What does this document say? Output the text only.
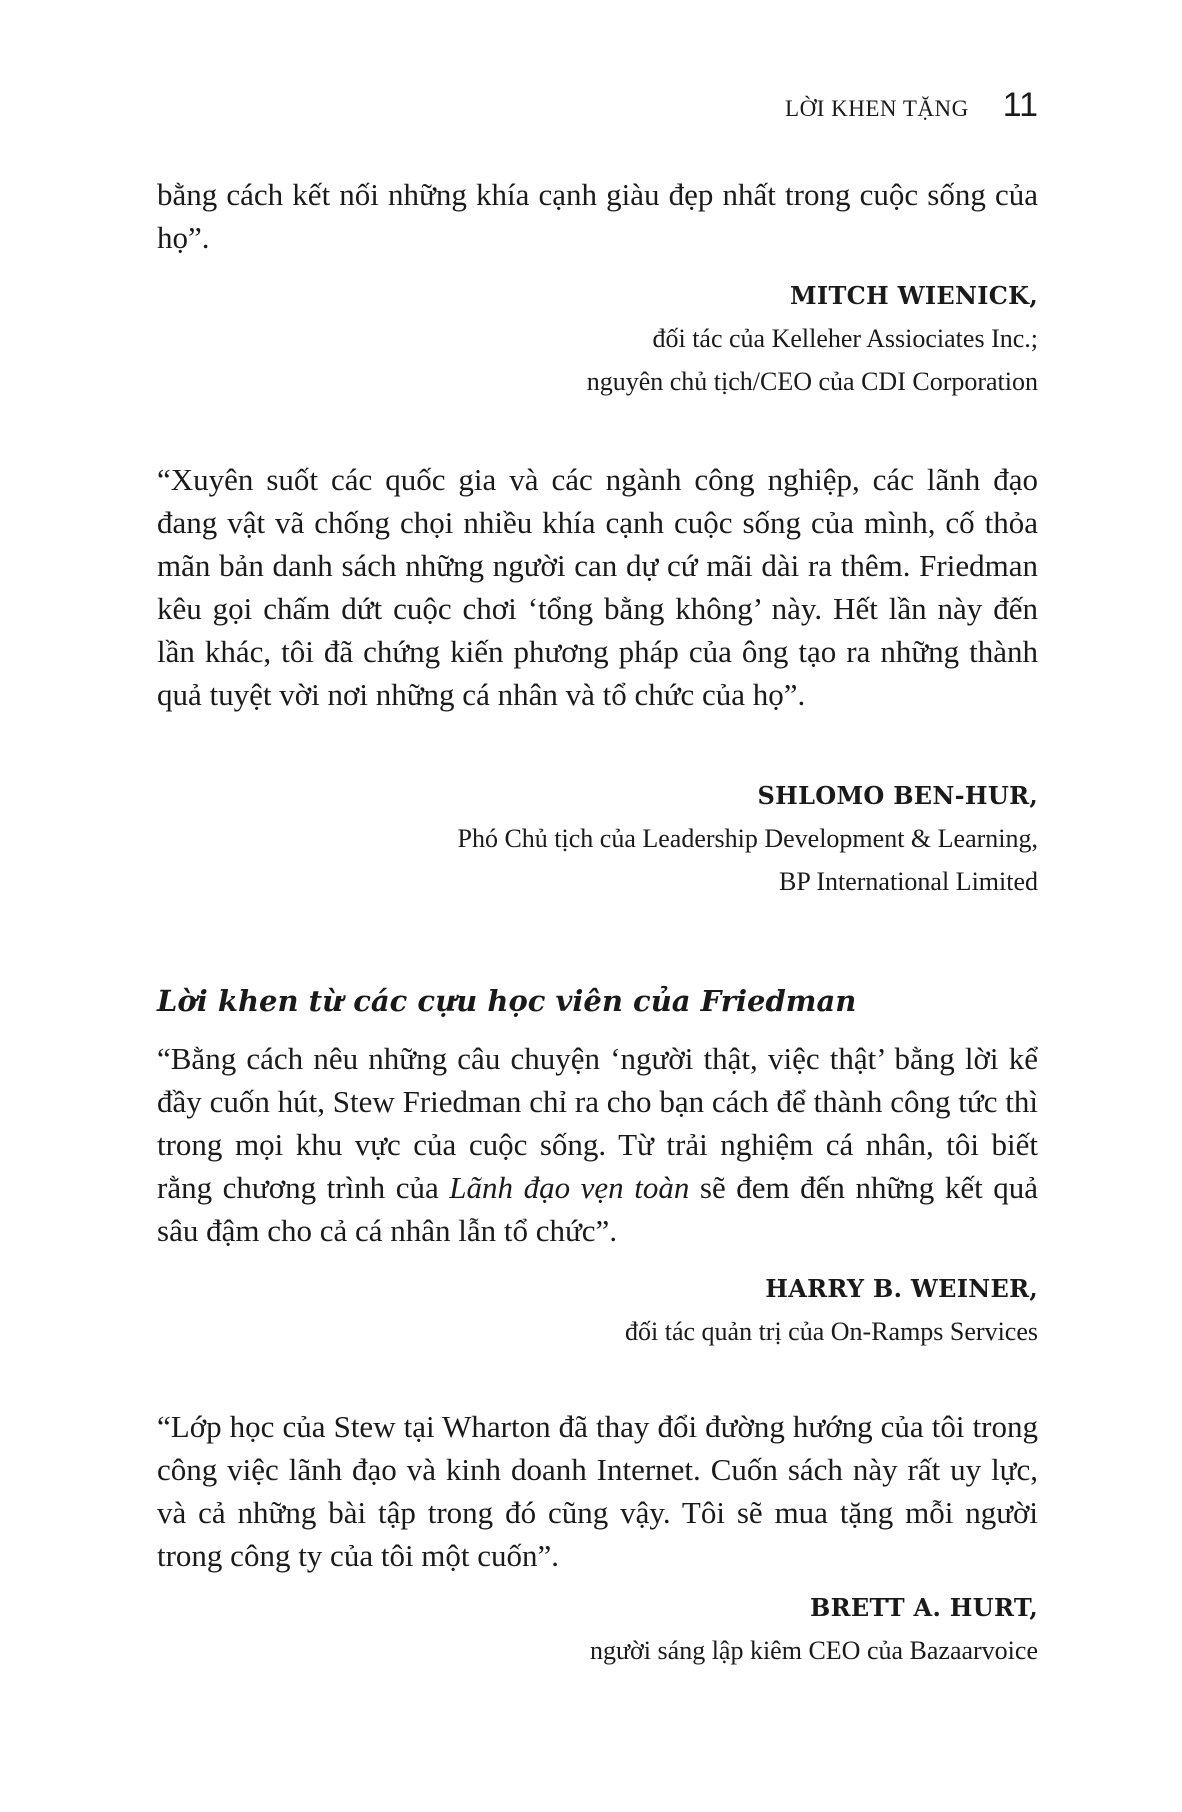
LỜI KHEN TẶNG 11

bằng cách kết nối những khía cạnh giàu đẹp nhất trong cuộc sống của họ”.

MITCH WIENICK,
đối tác của Kelleher Assiociates Inc.;
nguyên chủ tịch/CEO của CDI Corporation

“Xuyên suốt các quốc gia và các ngành công nghiệp, các lãnh đạo đang vật vã chống chọi nhiều khía cạnh cuộc sống của mình, cố thỏa mãn bản danh sách những người can dự cứ mãi dài ra thêm. Friedman kêu gọi chấm dứt cuộc chơi ‘tổng bằng không’ này. Hết lần này đến lần khác, tôi đã chứng kiến phương pháp của ông tạo ra những thành quả tuyệt vời nơi những cá nhân và tổ chức của họ”.

SHLOMO BEN-HUR,
Phó Chủ tịch của Leadership Development & Learning,
BP International Limited
Lời khen từ các cựu học viên của Friedman

“Bằng cách nêu những câu chuyện ‘người thật, việc thật’ bằng lời kể đầy cuốn hút, Stew Friedman chỉ ra cho bạn cách để thành công tức thì trong mọi khu vực của cuộc sống. Từ trải nghiệm cá nhân, tôi biết rằng chương trình của Lãnh đạo vẹn toàn sẽ đem đến những kết quả sâu đậm cho cả cá nhân lẫn tổ chức”.

HARRY B. WEINER,
đối tác quản trị của On-Ramps Services

“Lớp học của Stew tại Wharton đã thay đổi đường hướng của tôi trong công việc lãnh đạo và kinh doanh Internet. Cuốn sách này rất uy lực, và cả những bài tập trong đó cũng vậy. Tôi sẽ mua tặng mỗi người trong công ty của tôi một cuốn”.

BRETT A. HURT,
người sáng lập kiêm CEO của Bazaarvoice
